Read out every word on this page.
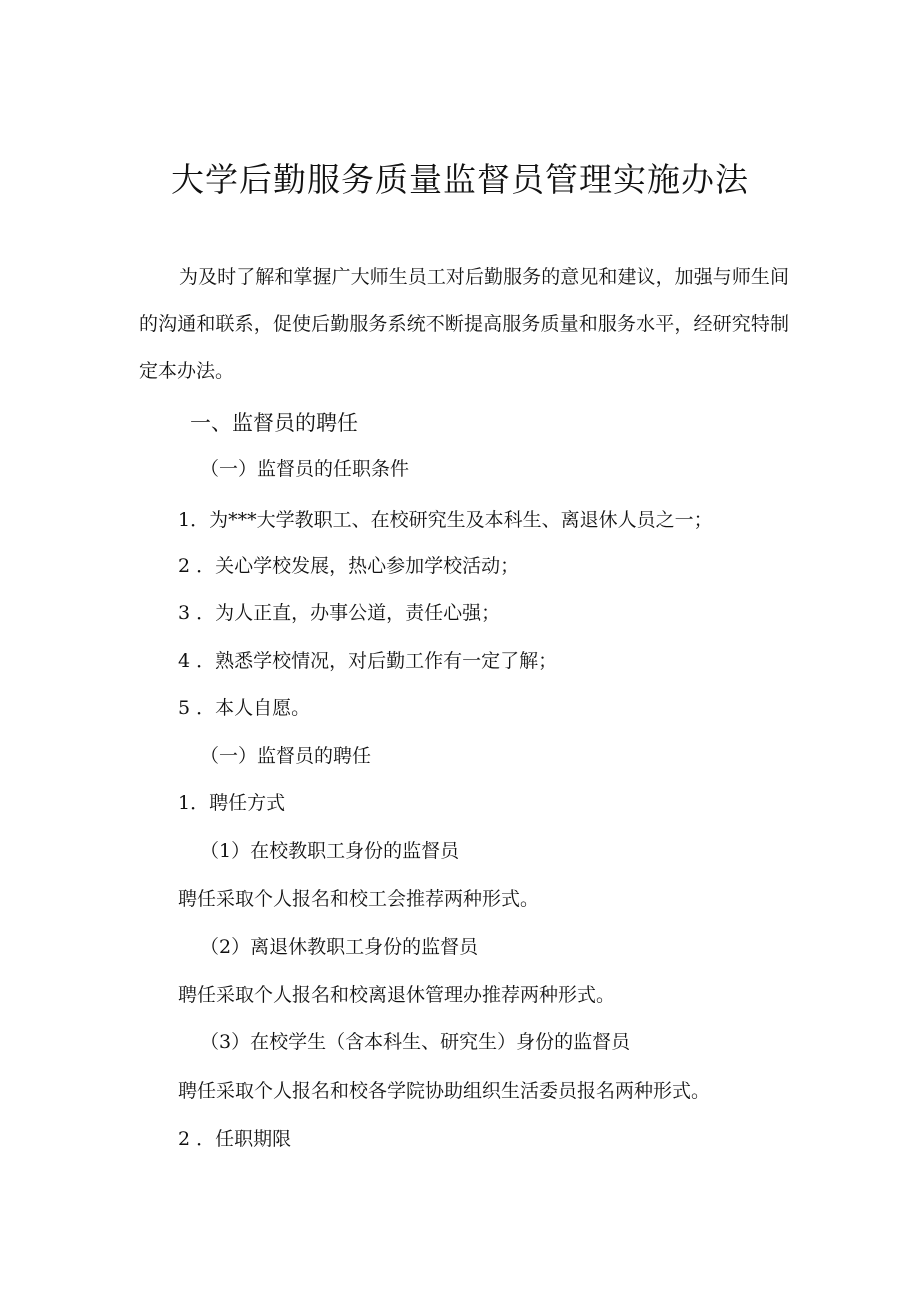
大学后勤服务质量监督员管理实施办法

为及时了解和掌握广大师生员工对后勤服务的意见和建议，加强与师生间的沟通和联系，促使后勤服务系统不断提高服务质量和服务水平，经研究特制定本办法。

一、监督员的聘任

（一）监督员的任职条件

1．为***大学教职工、在校研究生及本科生、离退休人员之一；

2 ．关心学校发展，热心参加学校活动；

3 ．为人正直，办事公道，责任心强；

4 ．熟悉学校情况，对后勤工作有一定了解；

5 ．本人自愿。

（一）监督员的聘任

1．聘任方式

（1）在校教职工身份的监督员

聘任采取个人报名和校工会推荐两种形式。

（2）离退休教职工身份的监督员

聘任采取个人报名和校离退休管理办推荐两种形式。

（3）在校学生（含本科生、研究生）身份的监督员

聘任采取个人报名和校各学院协助组织生活委员报名两种形式。

2 ．任职期限
